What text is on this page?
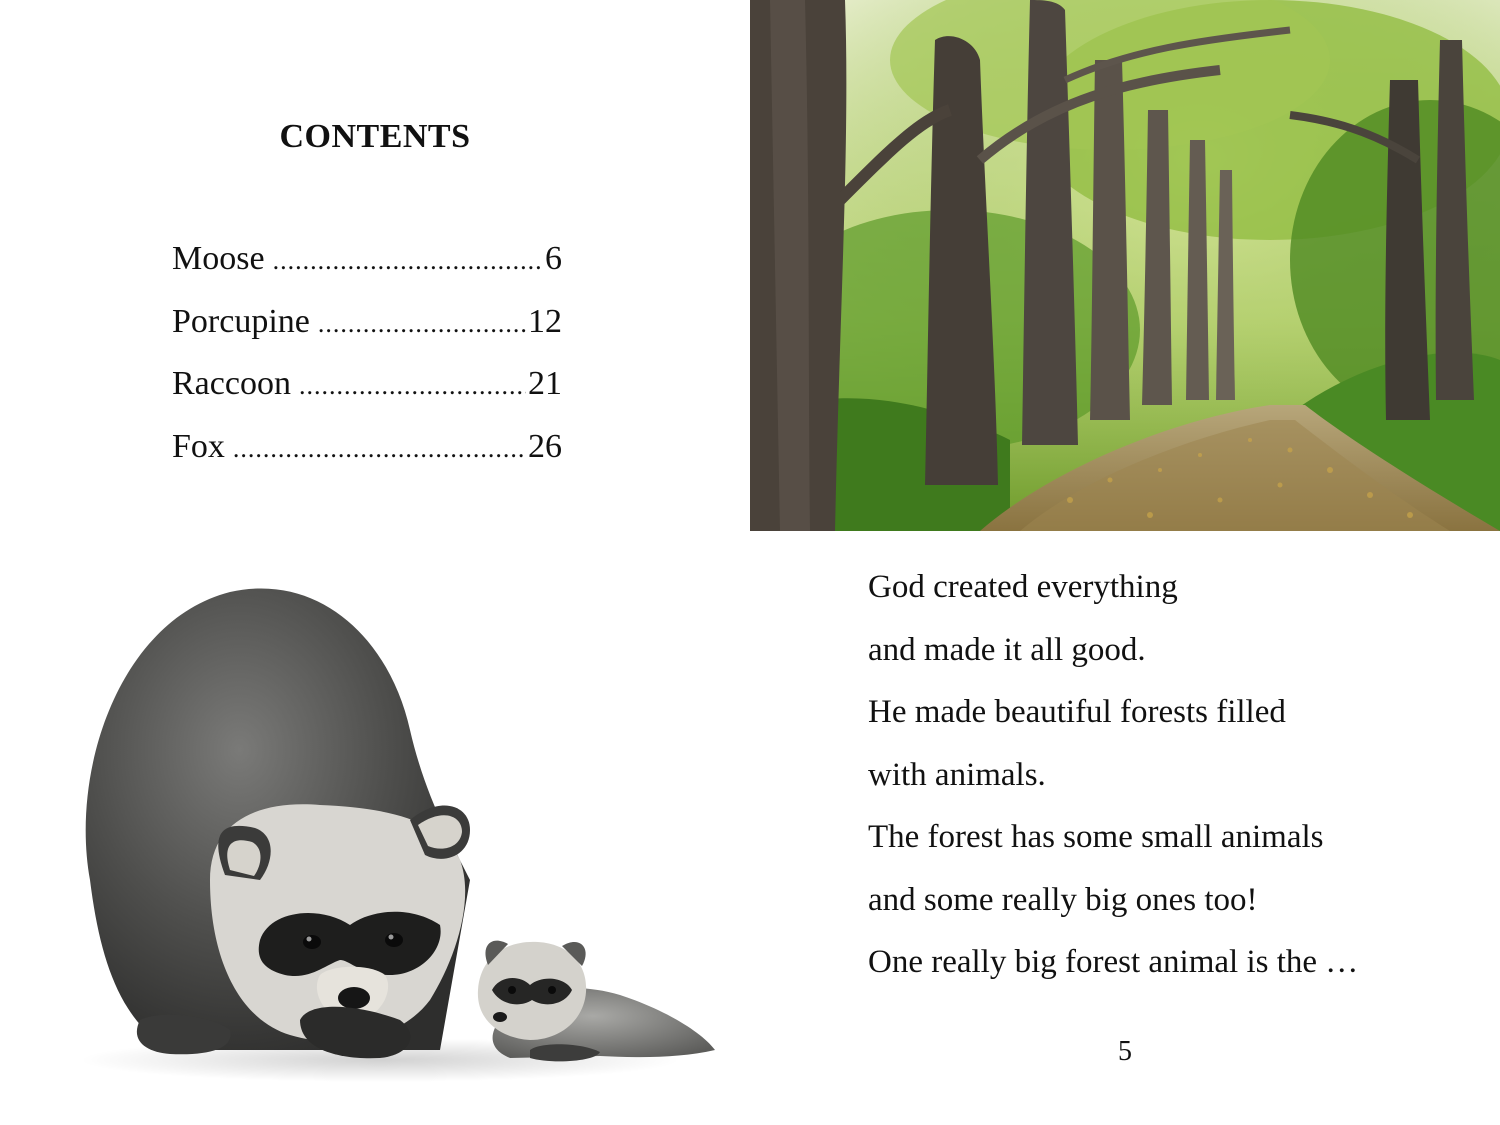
CONTENTS
Moose .....	6
Porcupine .....	12
Raccoon .....	21
Fox .....	26
God created everything
and made it all good.
He made beautiful forests filled
with animals.
The forest has some small animals
and some really big ones too!
One really big forest animal is the …
5
